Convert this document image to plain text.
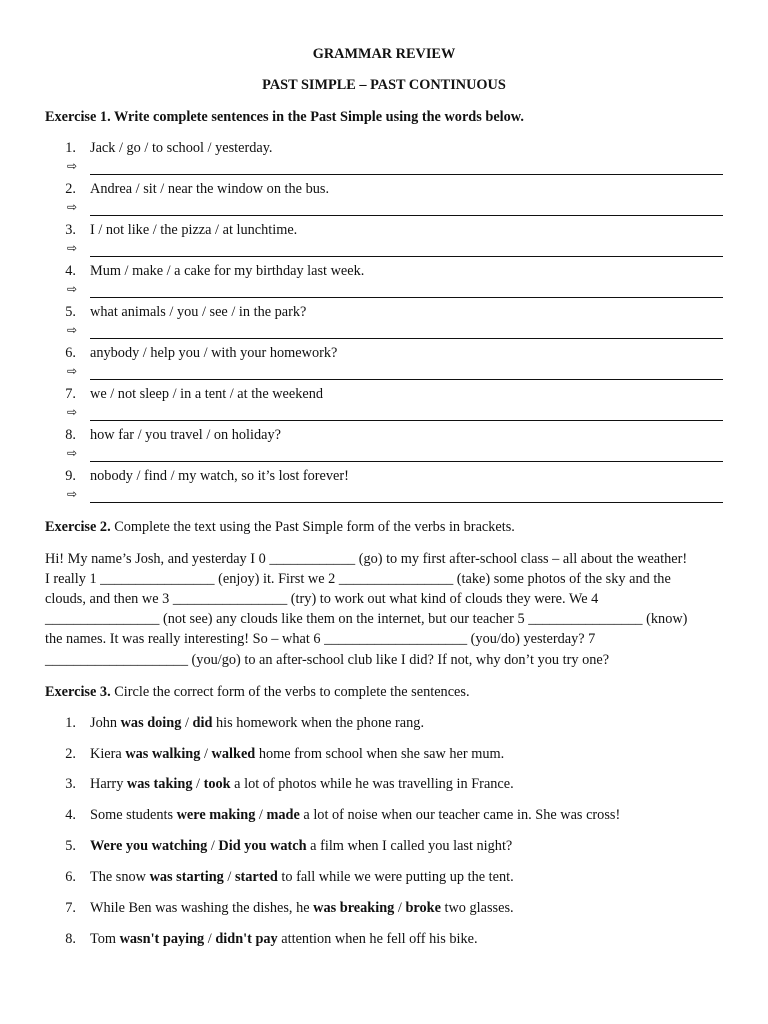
GRAMMAR REVIEW
PAST SIMPLE – PAST CONTINUOUS
Exercise 1. Write complete sentences in the Past Simple using the words below.
1. Jack / go / to school / yesterday.
⇨
2. Andrea / sit / near the window on the bus.
⇨
3. I / not like / the pizza / at lunchtime.
⇨
4. Mum / make / a cake for my birthday last week.
⇨
5. what animals / you / see / in the park?
⇨
6. anybody / help you / with your homework?
⇨
7. we / not sleep / in a tent / at the weekend
⇨
8. how far / you travel / on holiday?
⇨
9. nobody / find / my watch, so it’s lost forever!
⇨
Exercise 2. Complete the text using the Past Simple form of the verbs in brackets.
Hi! My name’s Josh, and yesterday I 0 ____________ (go) to my first after-school class – all about the weather!
I really 1 ________________ (enjoy) it. First we 2 ________________ (take) some photos of the sky and the
clouds, and then we 3 ________________ (try) to work out what kind of clouds they were. We 4
________________ (not see) any clouds like them on the internet, but our teacher 5 ________________ (know)
the names. It was really interesting! So – what 6 ____________________ (you/do) yesterday? 7
____________________ (you/go) to an after-school club like I did? If not, why don’t you try one?
Exercise 3. Circle the correct form of the verbs to complete the sentences.
1. John was doing / did his homework when the phone rang.
2. Kiera was walking / walked home from school when she saw her mum.
3. Harry was taking / took a lot of photos while he was travelling in France.
4. Some students were making / made a lot of noise when our teacher came in. She was cross!
5. Were you watching / Did you watch a film when I called you last night?
6. The snow was starting / started to fall while we were putting up the tent.
7. While Ben was washing the dishes, he was breaking / broke two glasses.
8. Tom wasn't paying / didn't pay attention when he fell off his bike.
